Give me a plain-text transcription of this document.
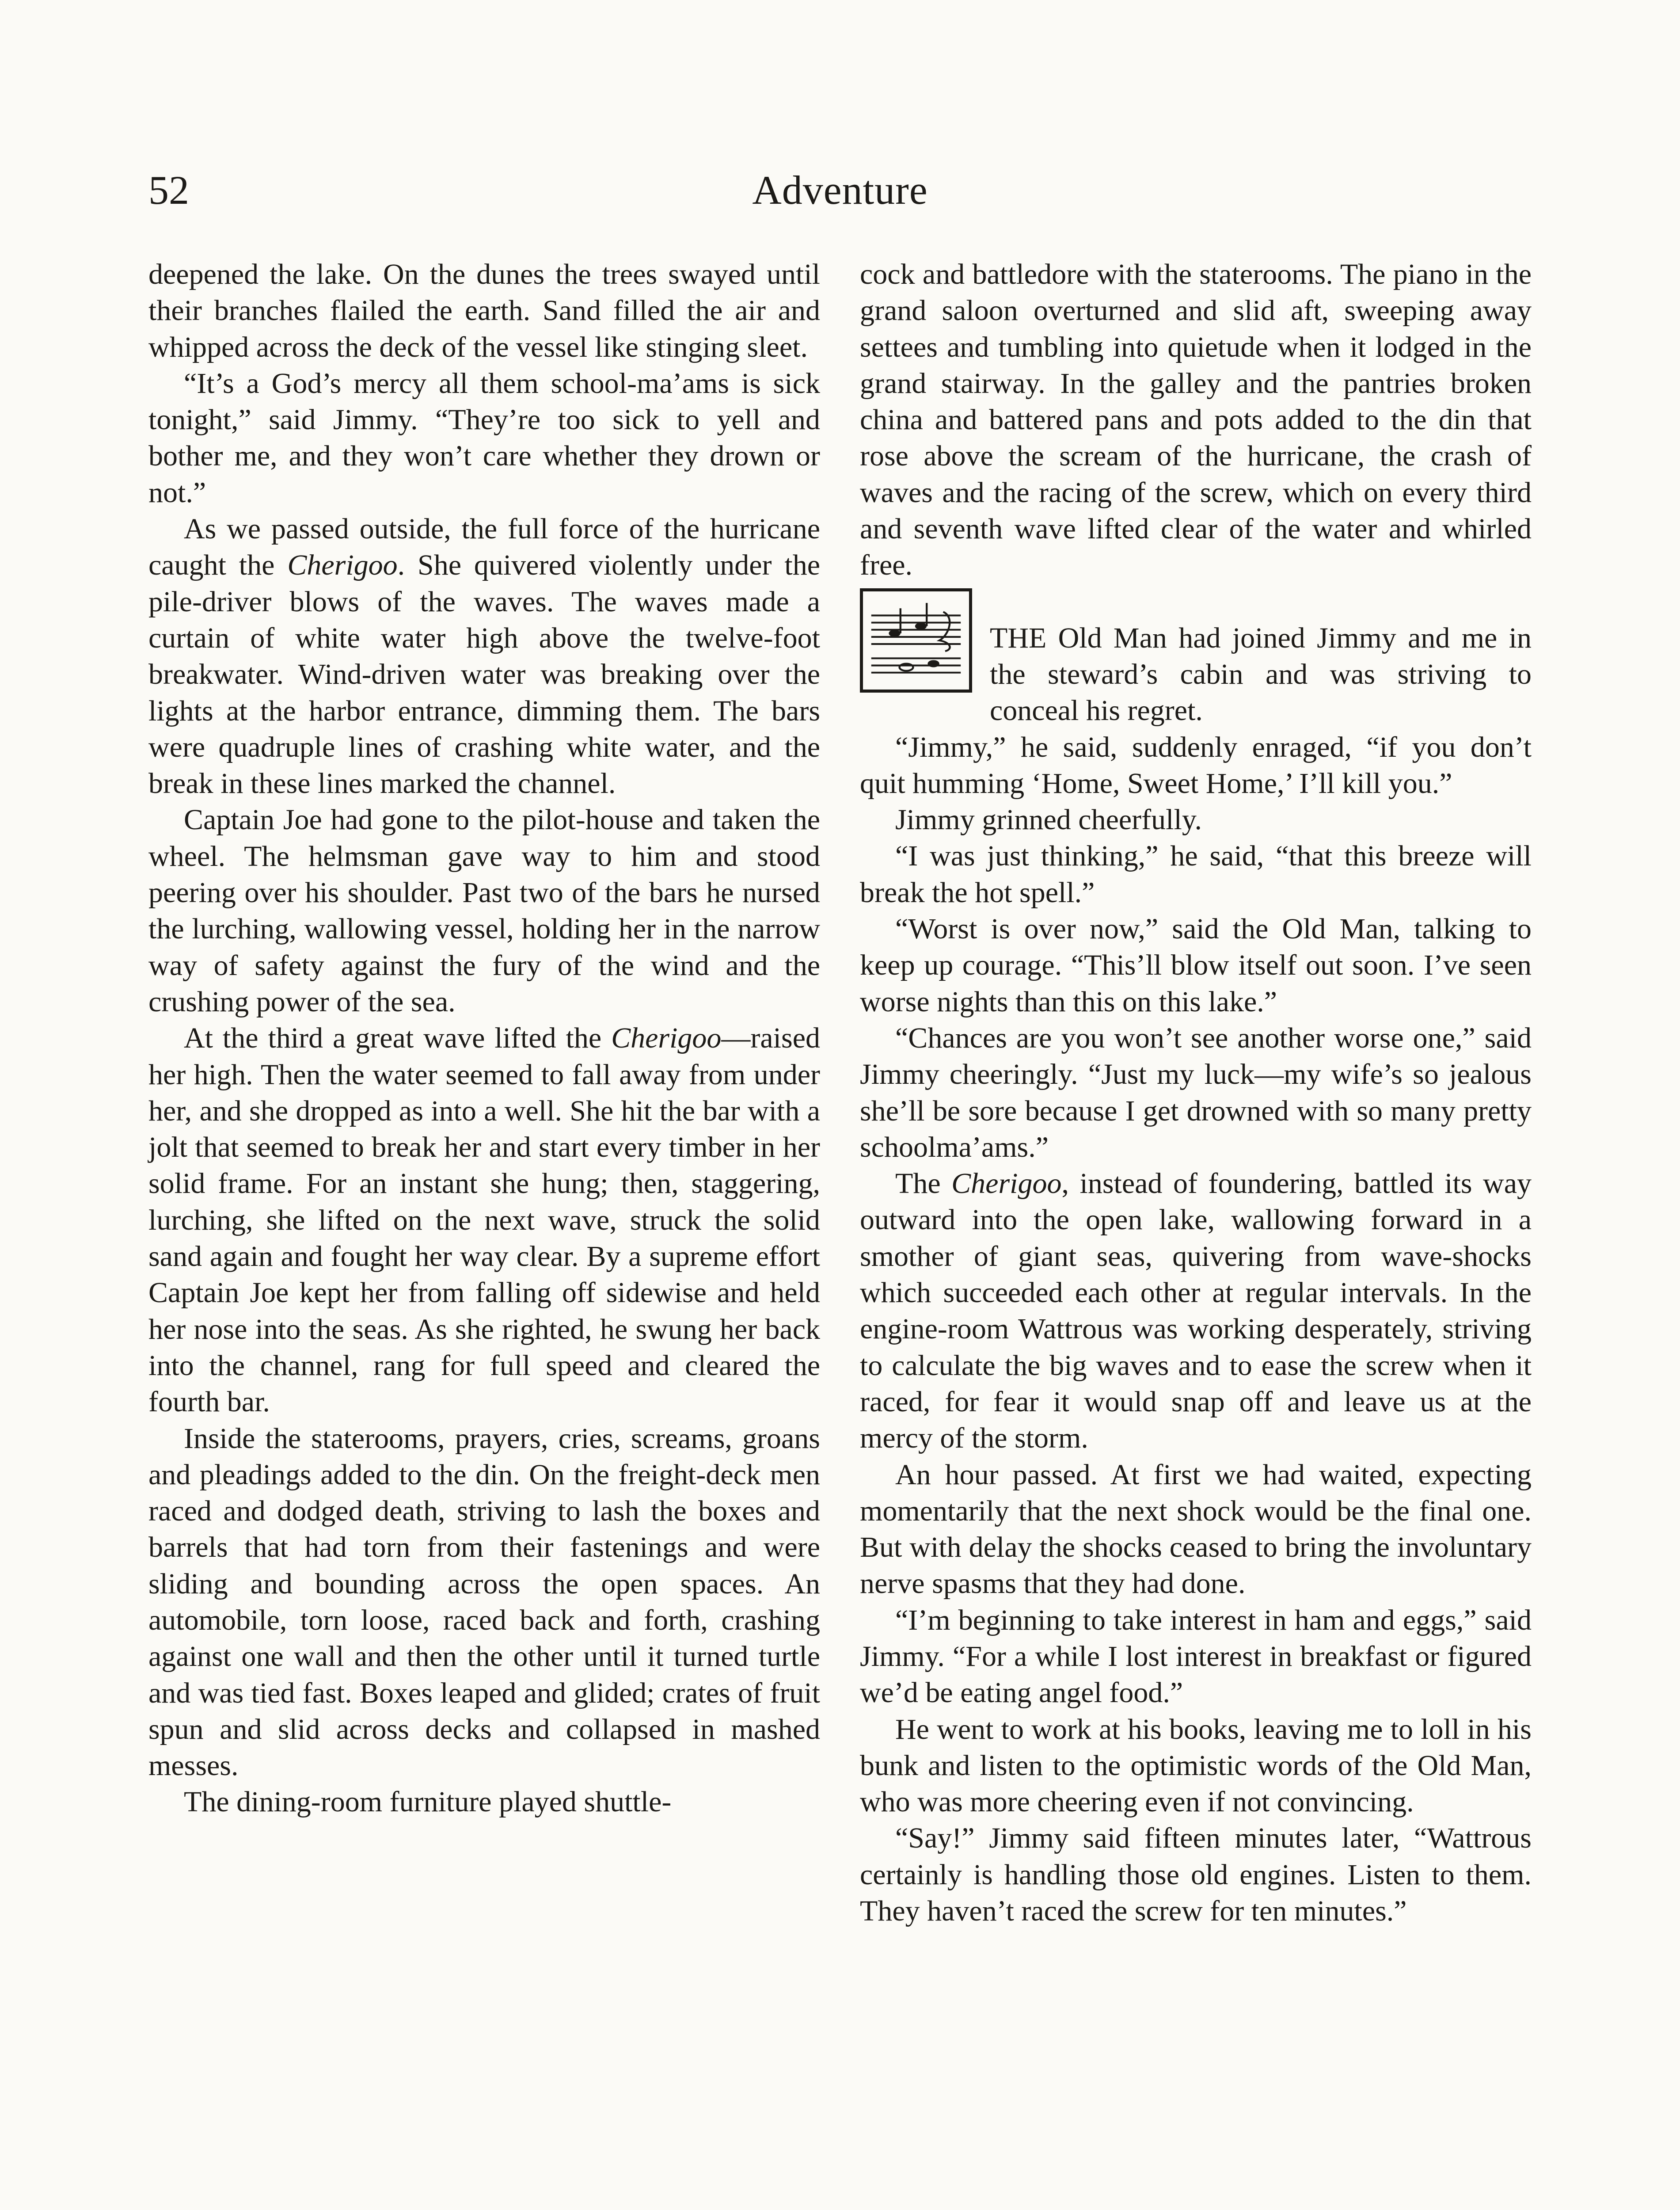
52	Adventure

deepened the lake. On the dunes the trees swayed until their branches flailed the earth. Sand filled the air and whipped across the deck of the vessel like stinging sleet.

“It’s a God’s mercy all them school-ma’ams is sick tonight,” said Jimmy. “They’re too sick to yell and bother me, and they won’t care whether they drown or not.”

As we passed outside, the full force of the hurricane caught the Cherigoo. She quivered violently under the pile-driver blows of the waves. The waves made a curtain of white water high above the twelve-foot breakwater. Wind-driven water was breaking over the lights at the harbor entrance, dimming them. The bars were quadruple lines of crashing white water, and the break in these lines marked the channel.

Captain Joe had gone to the pilot-house and taken the wheel. The helmsman gave way to him and stood peering over his shoulder. Past two of the bars he nursed the lurching, wallowing vessel, holding her in the narrow way of safety against the fury of the wind and the crushing power of the sea.

At the third a great wave lifted the Cherigoo—raised her high. Then the water seemed to fall away from under her, and she dropped as into a well. She hit the bar with a jolt that seemed to break her and start every timber in her solid frame. For an instant she hung; then, staggering, lurching, she lifted on the next wave, struck the solid sand again and fought her way clear. By a supreme effort Captain Joe kept her from falling off sidewise and held her nose into the seas. As she righted, he swung her back into the channel, rang for full speed and cleared the fourth bar.

Inside the staterooms, prayers, cries, screams, groans and pleadings added to the din. On the freight-deck men raced and dodged death, striving to lash the boxes and barrels that had torn from their fastenings and were sliding and bounding across the open spaces. An automobile, torn loose, raced back and forth, crashing against one wall and then the other until it turned turtle and was tied fast. Boxes leaped and glided; crates of fruit spun and slid across decks and collapsed in mashed messes.

The dining-room furniture played shuttle-

cock and battledore with the staterooms. The piano in the grand saloon overturned and slid aft, sweeping away settees and tumbling into quietude when it lodged in the grand stairway. In the galley and the pantries broken china and battered pans and pots added to the din that rose above the scream of the hurricane, the crash of waves and the racing of the screw, which on every third and seventh wave lifted clear of the water and whirled free.

THE Old Man had joined Jimmy and me in the steward’s cabin and was striving to conceal his regret.

“Jimmy,” he said, suddenly enraged, “if you don’t quit humming ‘Home, Sweet Home,’ I’ll kill you.”

Jimmy grinned cheerfully.

“I was just thinking,” he said, “that this breeze will break the hot spell.”

“Worst is over now,” said the Old Man, talking to keep up courage. “This’ll blow itself out soon. I’ve seen worse nights than this on this lake.”

“Chances are you won’t see another worse one,” said Jimmy cheeringly. “Just my luck—my wife’s so jealous she’ll be sore because I get drowned with so many pretty schoolma’ams.”

The Cherigoo, instead of foundering, battled its way outward into the open lake, wallowing forward in a smother of giant seas, quivering from wave-shocks which succeeded each other at regular intervals. In the engine-room Wattrous was working desperately, striving to calculate the big waves and to ease the screw when it raced, for fear it would snap off and leave us at the mercy of the storm.

An hour passed. At first we had waited, expecting momentarily that the next shock would be the final one. But with delay the shocks ceased to bring the involuntary nerve spasms that they had done.

“I’m beginning to take interest in ham and eggs,” said Jimmy. “For a while I lost interest in breakfast or figured we’d be eating angel food.”

He went to work at his books, leaving me to loll in his bunk and listen to the optimistic words of the Old Man, who was more cheering even if not convincing.

“Say!” Jimmy said fifteen minutes later, “Wattrous certainly is handling those old engines. Listen to them. They haven’t raced the screw for ten minutes.”
